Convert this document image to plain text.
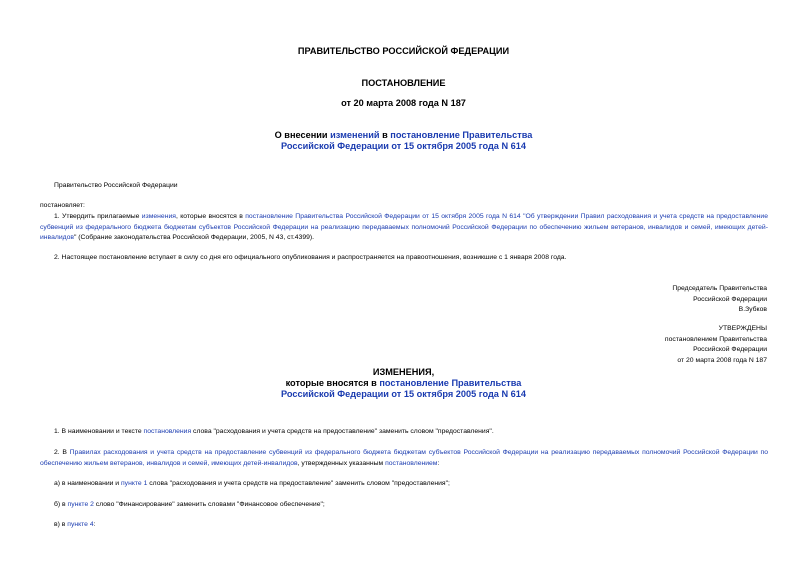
ПРАВИТЕЛЬСТВО РОССИЙСКОЙ ФЕДЕРАЦИИ
ПОСТАНОВЛЕНИЕ
от 20 марта 2008 года N 187
О внесении изменений в постановление Правительства
Российской Федерации от 15 октября 2005 года N 614
Правительство Российской Федерации
постановляет:
1. Утвердить прилагаемые изменения, которые вносятся в постановление Правительства Российской Федерации от 15 октября 2005 года N 614 "Об утверждении Правил расходования и учета средств на предоставление субвенций из федерального бюджета бюджетам субъектов Российской Федерации на реализацию передаваемых полномочий Российской Федерации по обеспечению жильем ветеранов, инвалидов и семей, имеющих детей-инвалидов" (Собрание законодательства Российской Федерации, 2005, N 43, ст.4399).
2. Настоящее постановление вступает в силу со дня его официального опубликования и распространяется на правоотношения, возникшие с 1 января 2008 года.
Председатель Правительства
Российской Федерации
В.Зубков
УТВЕРЖДЕНЫ
постановлением Правительства
Российской Федерации
от 20 марта 2008 года N 187
ИЗМЕНЕНИЯ,
которые вносятся в постановление Правительства
Российской Федерации от 15 октября 2005 года N 614
1. В наименовании и тексте постановления слова "расходования и учета средств на предоставление" заменить словом "предоставления".
2. В Правилах расходования и учета средств на предоставление субвенций из федерального бюджета бюджетам субъектов Российской Федерации на реализацию передаваемых полномочий Российской Федерации по обеспечению жильем ветеранов, инвалидов и семей, имеющих детей-инвалидов, утвержденных указанным постановлением:
а) в наименовании и пункте 1 слова "расходования и учета средств на предоставление" заменить словом "предоставления";
б) в пункте 2 слово "Финансирование" заменить словами "Финансовое обеспечение";
в) в пункте 4:
